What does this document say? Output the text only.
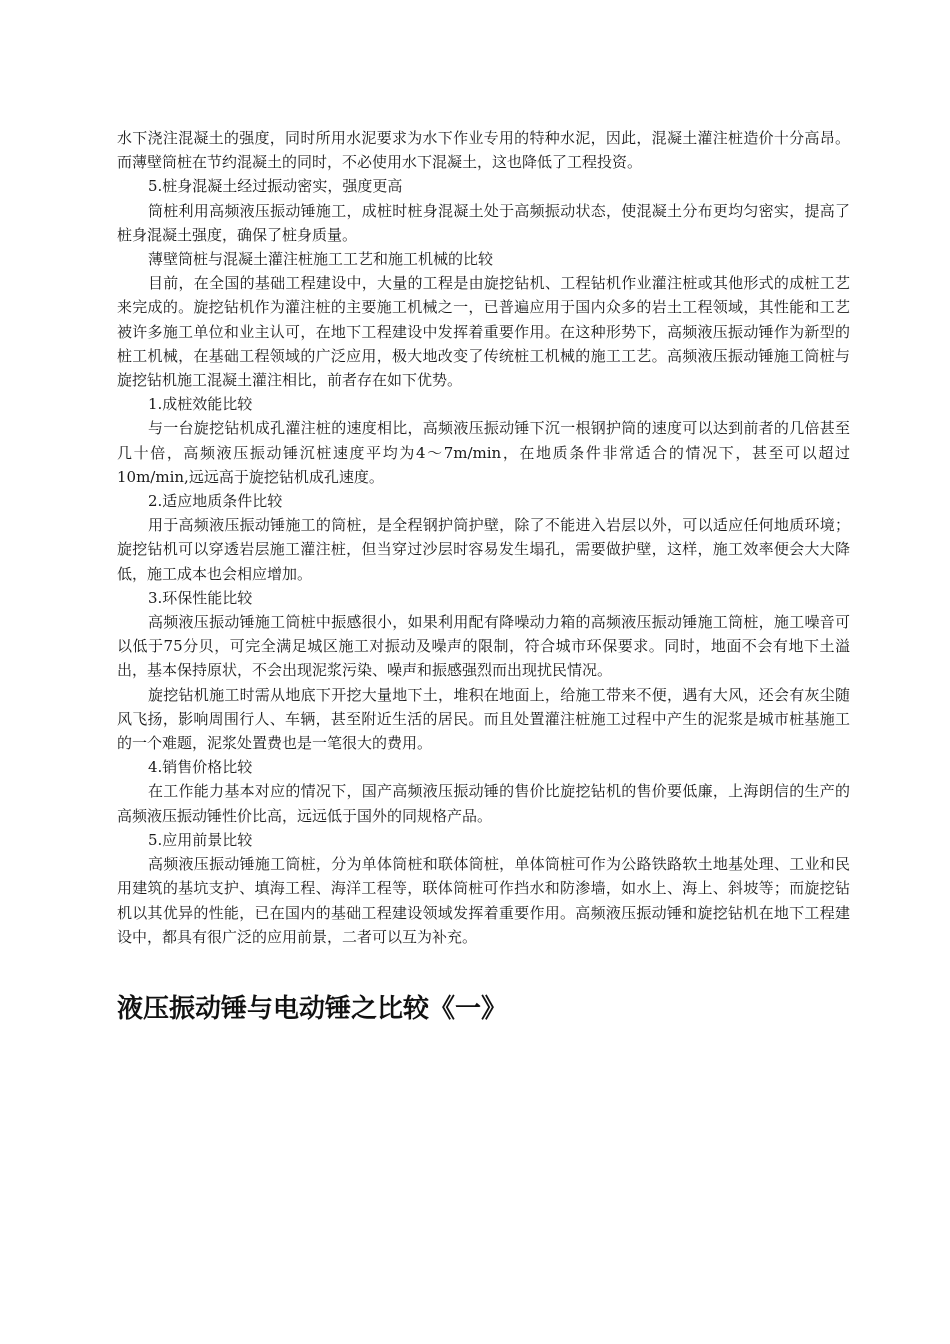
水下浇注混凝土的强度，同时所用水泥要求为水下作业专用的特种水泥，因此，混凝土灌注桩造价十分高昂。而薄壁筒桩在节约混凝土的同时，不必使用水下混凝土，这也降低了工程投资。

5.桩身混凝土经过振动密实，强度更高

筒桩利用高频液压振动锤施工，成桩时桩身混凝土处于高频振动状态，使混凝土分布更均匀密实，提高了桩身混凝土强度，确保了桩身质量。

薄壁筒桩与混凝土灌注桩施工工艺和施工机械的比较

目前，在全国的基础工程建设中，大量的工程是由旋挖钻机、工程钻机作业灌注桩或其他形式的成桩工艺来完成的。旋挖钻机作为灌注桩的主要施工机械之一，已普遍应用于国内众多的岩土工程领域，其性能和工艺被许多施工单位和业主认可，在地下工程建设中发挥着重要作用。在这种形势下，高频液压振动锤作为新型的桩工机械，在基础工程领域的广泛应用，极大地改变了传统桩工机械的施工工艺。高频液压振动锤施工筒桩与旋挖钻机施工混凝土灌注相比，前者存在如下优势。

1.成桩效能比较

与一台旋挖钻机成孔灌注桩的速度相比，高频液压振动锤下沉一根钢护筒的速度可以达到前者的几倍甚至几十倍，高频液压振动锤沉桩速度平均为4～7m/min，在地质条件非常适合的情况下，甚至可以超过10m/min,远远高于旋挖钻机成孔速度。

2.适应地质条件比较

用于高频液压振动锤施工的筒桩，是全程钢护筒护壁，除了不能进入岩层以外，可以适应任何地质环境；旋挖钻机可以穿透岩层施工灌注桩，但当穿过沙层时容易发生塌孔，需要做护壁，这样，施工效率便会大大降低，施工成本也会相应增加。

3.环保性能比较

高频液压振动锤施工筒桩中振感很小，如果利用配有降噪动力箱的高频液压振动锤施工筒桩，施工噪音可以低于75分贝，可完全满足城区施工对振动及噪声的限制，符合城市环保要求。同时，地面不会有地下土溢出，基本保持原状，不会出现泥浆污染、噪声和振感强烈而出现扰民情况。

旋挖钻机施工时需从地底下开挖大量地下土，堆积在地面上，给施工带来不便，遇有大风，还会有灰尘随风飞扬，影响周围行人、车辆，甚至附近生活的居民。而且处置灌注桩施工过程中产生的泥浆是城市桩基施工的一个难题，泥浆处置费也是一笔很大的费用。

4.销售价格比较

在工作能力基本对应的情况下，国产高频液压振动锤的售价比旋挖钻机的售价要低廉，上海朗信的生产的高频液压振动锤性价比高，远远低于国外的同规格产品。

5.应用前景比较

高频液压振动锤施工筒桩，分为单体筒桩和联体筒桩，单体筒桩可作为公路铁路软土地基处理、工业和民用建筑的基坑支护、填海工程、海洋工程等，联体筒桩可作挡水和防渗墙，如水上、海上、斜坡等；而旋挖钻机以其优异的性能，已在国内的基础工程建设领域发挥着重要作用。高频液压振动锤和旋挖钻机在地下工程建设中，都具有很广泛的应用前景，二者可以互为补充。

液压振动锤与电动锤之比较《一》
